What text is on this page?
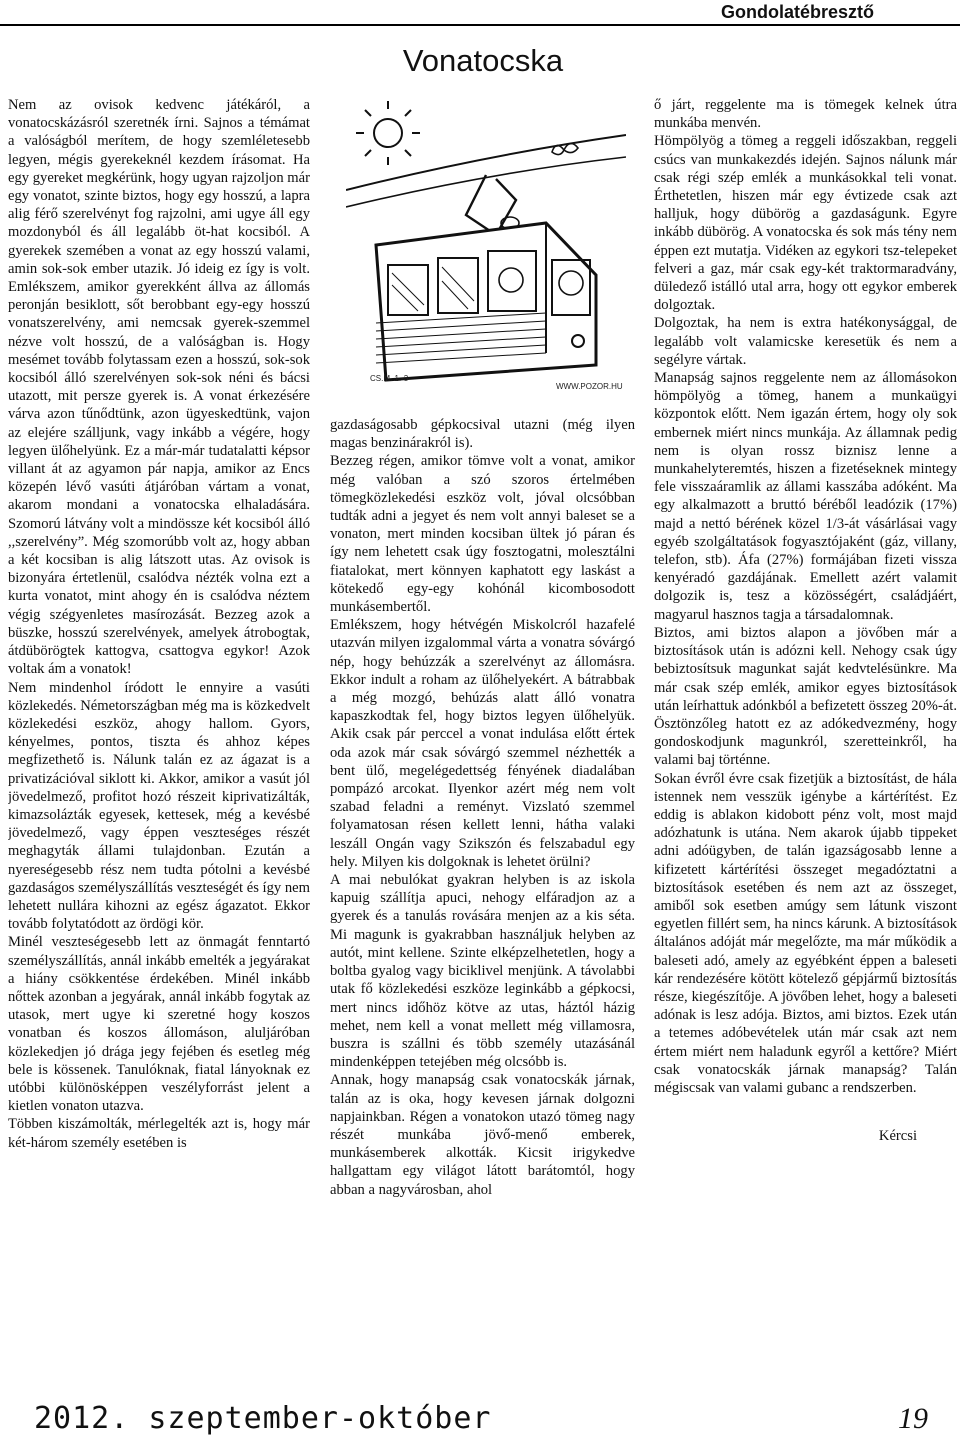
Gondolatébresztő
Vonatocska

Nem az ovisok kedvenc játékáról, a vonatocskázásról szeretnék írni. Sajnos a témámat a valóságból merítem, de hogy szemléletesebb legyen, mégis gyerekeknél kezdem írásomat. Ha egy gyereket megkérünk, hogy ugyan rajzoljon már egy vonatot, szinte biztos, hogy egy hosszú, a lapra alig férő szerelvényt fog rajzolni, ami ugye áll egy mozdonyból és áll legalább öt-hat kocsiból. A gyerekek szemében a vonat az egy hosszú valami, amin sok-sok ember utazik. Jó ideig ez így is volt. Emlékszem, amikor gyerekként állva az állomás peronján besiklott, sőt berobbant egy-egy hosszú vonatszerelvény, ami nemcsak gyerek-szemmel nézve volt hosszú, de a valóságban is. Hogy mesémet tovább folytassam ezen a hosszú, sok-sok kocsiból álló szerelvényen sok-sok néni és bácsi utazott, mit persze gyerek is. A vonat érkezésére várva azon tűnődtünk, azon ügyeskedtünk, vajon az elejére szálljunk, vagy inkább a végére, hogy legyen ülőhelyünk. Ez a már-már tudatalatti képsor villant át az agyamon pár napja, amikor az Encs közepén lévő vasúti átjáróban vártam a vonat, akarom mondani a vonatocska elhaladására. Szomorú látvány volt a mindössze két kocsiból álló ,,szerelvény”. Még szomorúbb volt az, hogy abban a két kocsiban is alig látszott utas. Az ovisok is bizonyára értetlenül, csalódva nézték volna ezt a kurta vonatot, mint ahogy én is csalódva néztem végig szégyenletes masírozását. Bezzeg azok a büszke, hosszú szerelvények, amelyek átrobogtak, átdübörögtek kattogva, csattogva egykor! Azok voltak ám a vonatok!

Nem mindenhol íródott le ennyire a vasúti közlekedés. Németországban még ma is közkedvelt közlekedési eszköz, ahogy hallom. Gyors, kényelmes, pontos, tiszta és ahhoz képes megfizethető is. Nálunk talán ez az ágazat is a privatizációval siklott ki. Akkor, amikor a vasút jól jövedelmező, profitot hozó részeit kiprivatizálták, kimazsolázták egyesek, kettesek, még a kevésbé jövedelmező, vagy éppen veszteséges részét meghagyták állami tulajdonban. Ezután a nyereségesebb rész nem tudta pótolni a kevésbé gazdaságos személyszállítás veszteségét és így nem lehetett nullára kihozni az egész ágazatot. Ekkor tovább folytatódott az ördögi kör.

Minél veszteségesebb lett az önmagát fenntartó személyszállítás, annál inkább emelték a jegyárakat a hiány csökkentése érdekében. Minél inkább nőttek azonban a jegyárak, annál inkább fogytak az utasok, mert ugye ki szeretné hogy koszos vonatban és koszos állomáson, aluljáróban közlekedjen jó drága jegy fejében és esetleg még bele is kössenek. Tanulóknak, fiatal lányoknak ez utóbbi különösképpen veszélyforrást jelent a kietlen vonaton utazva.

Többen kiszámolták, mérlegelték azt is, hogy már két-három személy esetében is

CS.M. 1.-3
WWW.POZOR.HU

gazdaságosabb gépkocsival utazni (még ilyen magas benzinárakról is).

Bezzeg régen, amikor tömve volt a vonat, amikor még valóban a szó szoros értelmében tömegközlekedési eszköz volt, jóval olcsóbban tudták adni a jegyet és nem volt annyi baleset se a vonaton, mert minden kocsiban ültek jó páran és így nem lehetett csak úgy fosztogatni, molesztálni fiatalokat, mert könnyen kaphatott egy laskást a kötekedő egy-egy kohónál kicombosodott munkásembertől.

Emlékszem, hogy hétvégén Miskolcról hazafelé utazván milyen izgalommal várta a vonatra sóvárgó nép, hogy behúzzák a szerelvényt az állomásra. Ekkor indult a roham az ülőhelyekért. A bátrabbak a még mozgó, behúzás alatt álló vonatra kapaszkodtak fel, hogy biztos legyen ülőhelyük. Akik csak pár perccel a vonat indulása előtt értek oda azok már csak sóvárgó szemmel nézhették a bent ülő, megelégedettség fényének diadalában pompázó arcokat. Ilyenkor azért még nem volt szabad feladni a reményt. Vizslató szemmel folyamatosan résen kellett lenni, hátha valaki leszáll Ongán vagy Szikszón és felszabadul egy hely. Milyen kis dolgoknak is lehetet örülni?

A mai nebulókat gyakran helyben is az iskola kapuig szállítja apuci, nehogy elfáradjon az a gyerek és a tanulás rovására menjen az a kis séta. Mi magunk is gyakrabban használjuk helyben az autót, mint kellene. Szinte elképzelhetetlen, hogy a boltba gyalog vagy biciklivel menjünk. A távolabbi utak fő közlekedési eszköze leginkább a gépkocsi, mert nincs időhöz kötve az utas, háztól házig mehet, nem kell a vonat mellett még villamosra, buszra is szállni és több személy utazásánál mindenképpen tetejében még olcsóbb is.

Annak, hogy manapság csak vonatocskák járnak, talán az is oka, hogy kevesen járnak dolgozni napjainkban. Régen a vonatokon utazó tömeg nagy részét munkába jövő-menő emberek, munkásemberek alkották. Kicsit irigykedve hallgattam egy világot látott barátomtól, hogy abban a nagyvárosban, ahol

ő járt, reggelente ma is tömegek kelnek útra munkába menvén.

Hömpölyög a tömeg a reggeli időszakban, reggeli csúcs van munkakezdés idején. Sajnos nálunk már csak régi szép emlék a munkásokkal teli vonat. Érthetetlen, hiszen már egy évtizede csak azt halljuk, hogy dübörög a gazdaságunk. Egyre inkább dübörög. A vonatocska és sok más tény nem éppen ezt mutatja. Vidéken az egykori tsz-telepeket felveri a gaz, már csak egy-két traktormaradvány, düledező istálló utal arra, hogy ott egykor emberek dolgoztak.

Dolgoztak, ha nem is extra hatékonysággal, de legalább volt valamicske keresetük és nem a segélyre vártak.

Manapság sajnos reggelente nem az állomásokon hömpölyög a tömeg, hanem a munkaügyi központok előtt. Nem igazán értem, hogy oly sok embernek miért nincs munkája. Az államnak pedig nem is olyan rossz biznisz lenne a munkahelyteremtés, hiszen a fizetéseknek mintegy fele visszaáramlik az állami kasszába adóként. Ma egy alkalmazott a bruttó béréből leadózik (17%) majd a nettó bérének közel 1/3-át vásárlásai vagy egyéb szolgáltatások fogyasztójaként (gáz, villany, telefon, stb). Áfa (27%) formájában fizeti vissza kenyéradó gazdájának. Emellett azért valamit dolgozik is, tesz a közösségért, családjáért, magyarul hasznos tagja a társadalomnak.

Biztos, ami biztos alapon a jövőben már a biztosítások után is adózni kell. Nehogy csak úgy bebiztosítsuk magunkat saját kedvtelésünkre. Ma már csak szép emlék, amikor egyes biztosítások után leírhattuk adónkból a befizetett összeg 20%-át. Ösztönzőleg hatott ez az adókedvezmény, hogy gondoskodjunk magunkról, szeretteinkről, ha valami baj történne.

Sokan évről évre csak fizetjük a biztosítást, de hála istennek nem vesszük igénybe a kártérítést. Ez eddig is ablakon kidobott pénz volt, most majd adózhatunk is utána. Nem akarok újabb tippeket adni adóügyben, de talán igazságosabb lenne a kifizetett kártérítési összeget megadóztatni a biztosítások esetében és nem azt az összeget, amiből sok esetben amúgy sem látunk viszont egyetlen fillért sem, ha nincs kárunk. A biztosítások általános adóját már megelőzte, ma már működik a baleseti adó, amely az egyébként éppen a baleseti kár rendezésére kötött kötelező gépjármű biztosítás része, kiegészítője. A jövőben lehet, hogy a baleseti adónak is lesz adója. Biztos, ami biztos. Ezek után a tetemes adóbevételek után már csak azt nem értem miért nem haladunk egyről a kettőre? Miért csak vonatocskák járnak manapság? Talán mégiscsak van valami gubanc a rendszerben.

Kércsi

2012. szeptember-október	19
